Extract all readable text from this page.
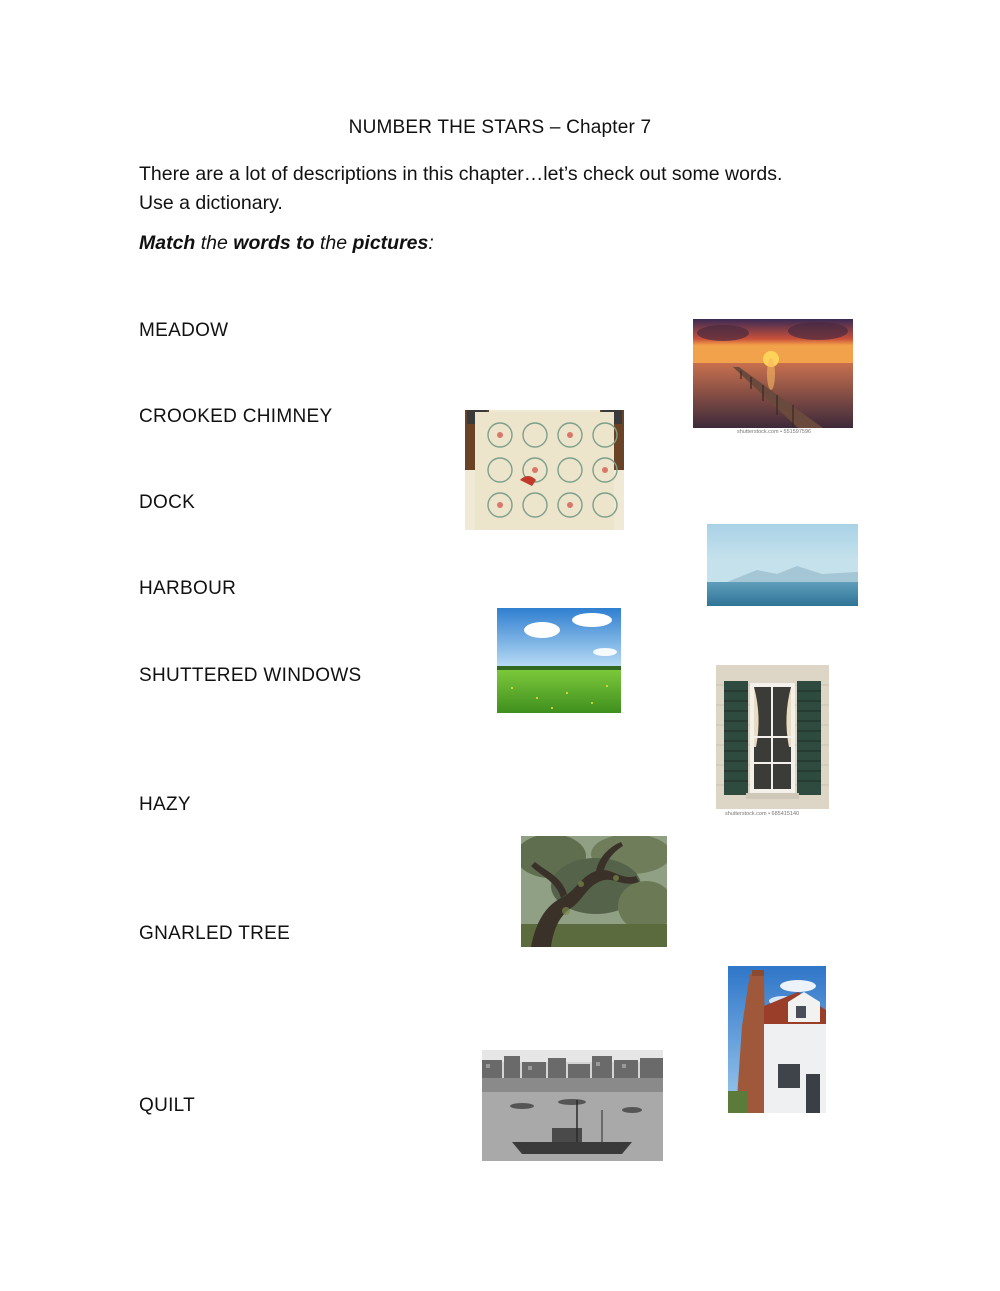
NUMBER THE STARS – Chapter 7
There are a lot of descriptions in this chapter…let’s check out some words.
Use a dictionary.
Match the words to the pictures:
MEADOW
CROOKED CHIMNEY
DOCK
HARBOUR
SHUTTERED WINDOWS
HAZY
GNARLED TREE
QUILT
shutterstock.com • 551597596
shutterstock.com • 685415140
